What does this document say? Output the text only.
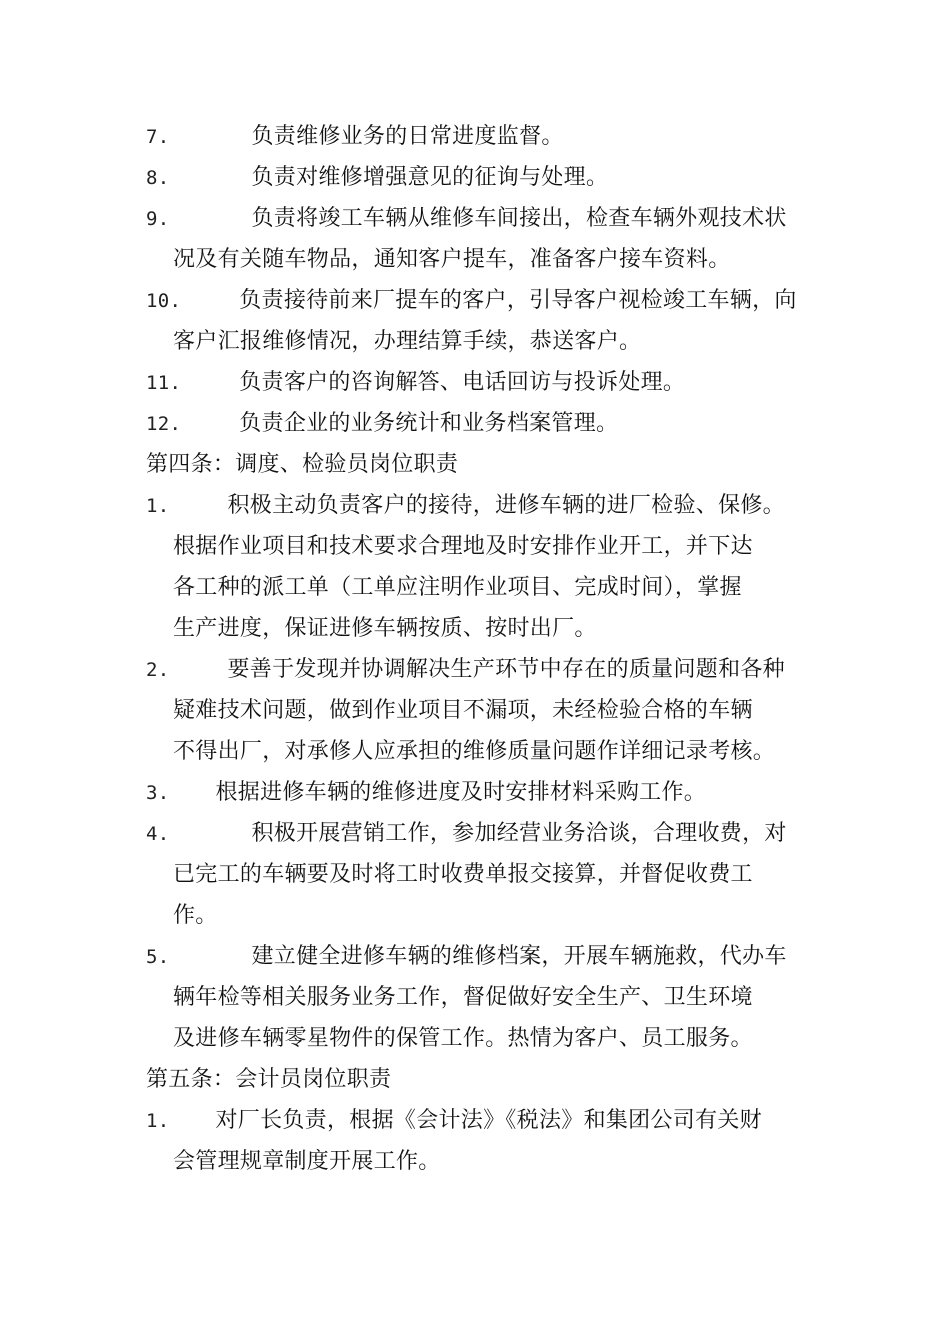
7.	负责维修业务的日常进度监督。
8.	负责对维修增强意见的征询与处理。
9.	负责将竣工车辆从维修车间接出，检查车辆外观技术状
况及有关随车物品，通知客户提车，准备客户接车资料。
10.	负责接待前来厂提车的客户，引导客户视检竣工车辆，向
客户汇报维修情况，办理结算手续，恭送客户。
11.	负责客户的咨询解答、电话回访与投诉处理。
12.	负责企业的业务统计和业务档案管理。
第四条：调度、检验员岗位职责
1.	积极主动负责客户的接待，进修车辆的进厂检验、保修。
根据作业项目和技术要求合理地及时安排作业开工，并下达
各工种的派工单（工单应注明作业项目、完成时间），掌握
生产进度，保证进修车辆按质、按时出厂。
2.	要善于发现并协调解决生产环节中存在的质量问题和各种
疑难技术问题，做到作业项目不漏项，未经检验合格的车辆
不得出厂，对承修人应承担的维修质量问题作详细记录考核。
3. 根据进修车辆的维修进度及时安排材料采购工作。
4.	积极开展营销工作，参加经营业务洽谈，合理收费，对
已完工的车辆要及时将工时收费单报交接算，并督促收费工
作。
5.	建立健全进修车辆的维修档案，开展车辆施救，代办车
辆年检等相关服务业务工作，督促做好安全生产、卫生环境
及进修车辆零星物件的保管工作。热情为客户、员工服务。
第五条：会计员岗位职责
1. 对厂长负责，根据《会计法》《税法》和集团公司有关财
会管理规章制度开展工作。
